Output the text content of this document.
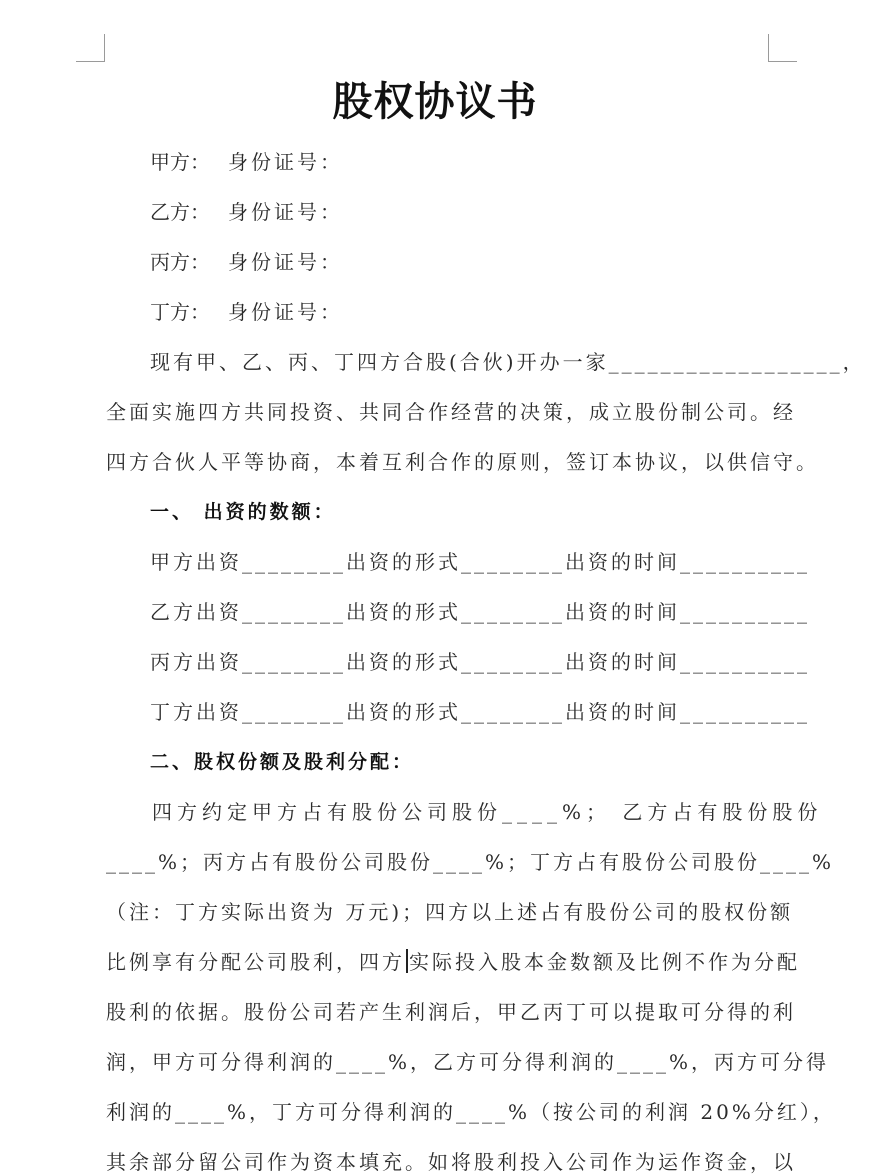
股权协议书
甲方： 身份证号：
乙方： 身份证号：
丙方： 身份证号：
丁方： 身份证号：
现有甲、乙、丙、丁四方合股(合伙)开办一家__________________，
全面实施四方共同投资、共同合作经营的决策，成立股份制公司。经
四方合伙人平等协商，本着互利合作的原则，签订本协议，以供信守。
一、 出资的数额：
甲方出资________出资的形式________出资的时间__________
乙方出资________出资的形式________出资的时间__________
丙方出资________出资的形式________出资的时间__________
丁方出资________出资的形式________出资的时间__________
二、股权份额及股利分配：
四方约定甲方占有股份公司股份____%； 乙方占有股份股份
____%；丙方占有股份公司股份____%；丁方占有股份公司股份____%
（注：丁方实际出资为 万元)；四方以上述占有股份公司的股权份额
比例享有分配公司股利，四方 实际投入股本金数额及比例不作为分配
股利的依据。股份公司若产生利润后，甲乙丙丁可以提取可分得的利
润，甲方可分得利润的____%，乙方可分得利润的____%，丙方可分得
利润的____%，丁方可分得利润的____%（按公司的利润 20%分红），
其余部分留公司作为资本填充。如将股利投入公司作为运作资金，以
